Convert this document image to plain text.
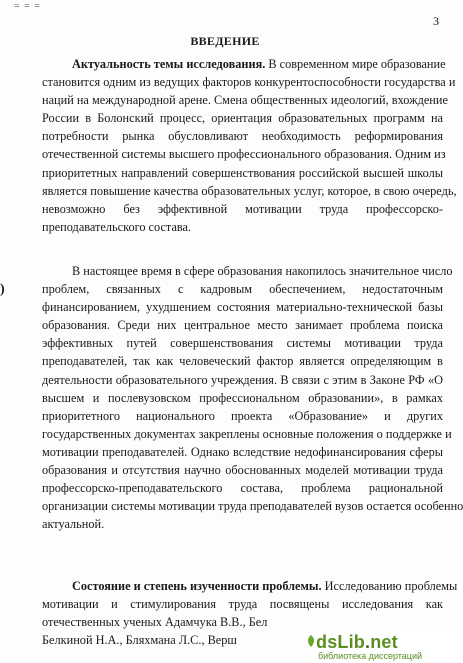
= = =
3
ВВЕДЕНИЕ
)
Актуальность темы исследования. В современном мире образование
становится одним из ведущих факторов конкурентоспособности государства и
наций на международной арене. Смена общественных идеологий, вхождение
России в Болонский процесс, ориентация образовательных программ на
потребности рынка обусловливают необходимость реформирования
отечественной системы высшего профессионального образования. Одним из
приоритетных направлений совершенствования российской высшей школы
является повышение качества образовательных услуг, которое, в свою очередь,
невозможно без эффективной мотивации труда профессорско-
преподавательского состава.
В настоящее время в сфере образования накопилось значительное число
проблем, связанных с кадровым обеспечением, недостаточным
финансированием, ухудшением состояния материально-технической базы
образования. Среди них центральное место занимает проблема поиска
эффективных путей совершенствования системы мотивации труда
преподавателей, так как человеческий фактор является определяющим в
деятельности образовательного учреждения. В связи с этим в Законе РФ «О
высшем и послевузовском профессиональном образовании», в рамках
приоритетного национального проекта «Образование» и других
государственных документах закреплены основные положения о поддержке и
мотивации преподавателей. Однако вследствие недофинансирования сферы
образования и отсутствия научно обоснованных моделей мотивации труда
профессорско-преподавательского состава, проблема рациональной
организации системы мотивации труда преподавателей вузов остается особенно
актуальной.
Состояние и степень изученности проблемы. Исследованию проблемы
мотивации и стимулирования труда посвящены исследования как
отечественных ученых Адамчука В.В., Бел
Белкиной Н.А., Бляхмана Л.С., Верш	dsLib.net
библиотека диссертаций
